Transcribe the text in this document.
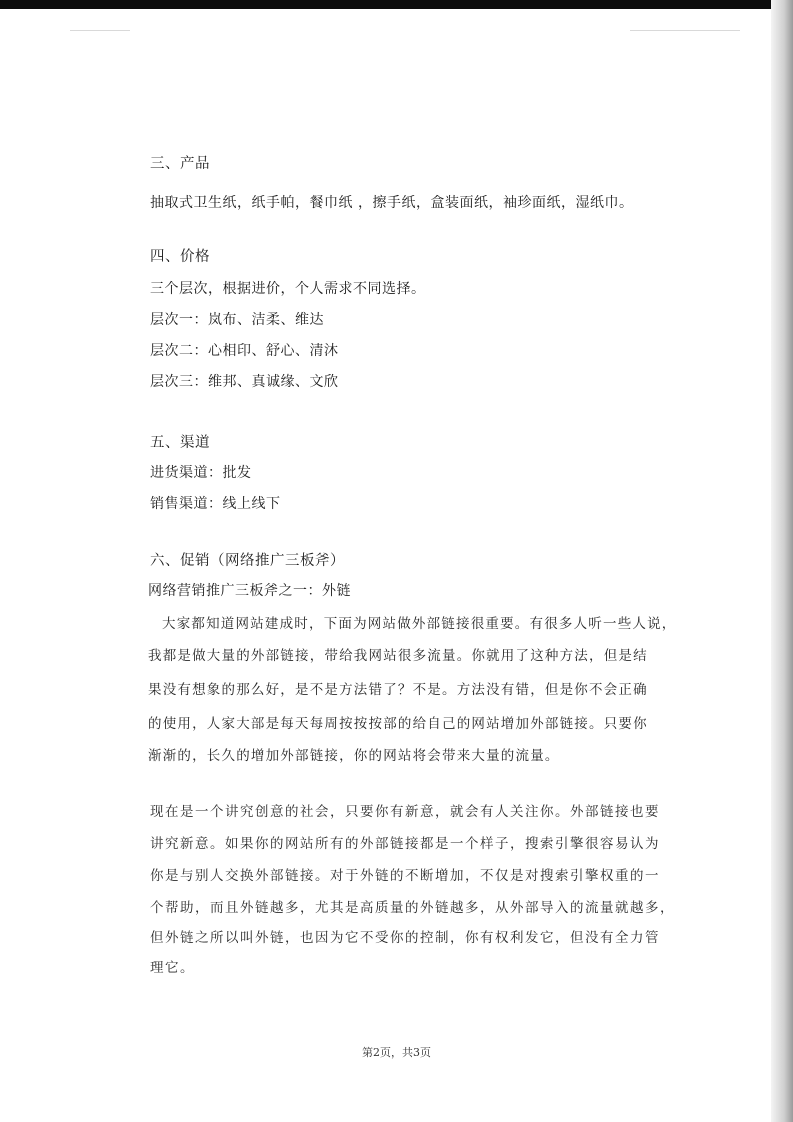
三、产品
抽取式卫生纸，纸手帕，餐巾纸 ，擦手纸，盒装面纸，袖珍面纸，湿纸巾。
四、价格
三个层次，根据进价，个人需求不同选择。
层次一：岚布、洁柔、维达
层次二：心相印、舒心、清沐
层次三：维邦、真诚缘、文欣
五、渠道
进货渠道：批发
销售渠道：线上线下
六、促销（网络推广三板斧）
网络营销推广三板斧之一：外链
大家都知道网站建成时，下面为网站做外部链接很重要。有很多人听一些人说，
我都是做大量的外部链接，带给我网站很多流量。你就用了这种方法，但是结
果没有想象的那么好，是不是方法错了？不是。方法没有错，但是你不会正确
的使用，人家大部是每天每周按按按部的给自己的网站增加外部链接。只要你
渐渐的，长久的增加外部链接，你的网站将会带来大量的流量。
现在是一个讲究创意的社会，只要你有新意，就会有人关注你。外部链接也要
讲究新意。如果你的网站所有的外部链接都是一个样子，搜索引擎很容易认为
你是与别人交换外部链接。对于外链的不断增加，不仅是对搜索引擎权重的一
个帮助，而且外链越多，尤其是高质量的外链越多，从外部导入的流量就越多，
但外链之所以叫外链，也因为它不受你的控制，你有权利发它，但没有全力管
理它。
第2页，共3页
